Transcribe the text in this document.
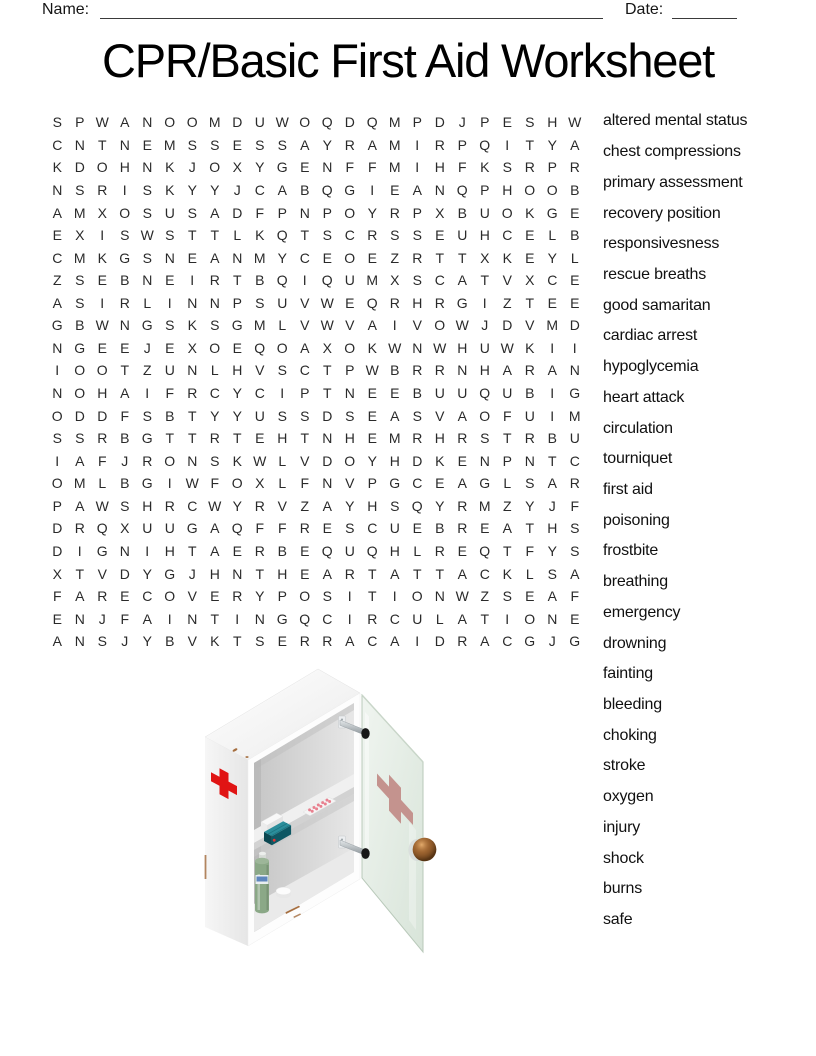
Name:	Date:
CPR/Basic First Aid Worksheet
S P W A N O O M D U W O Q D Q M P D J	P E S H W
C N T N E M S S E S S A Y R A M	I	R P Q	I	T Y A
K D O H N K	J O X Y G E N F F M	I	H F K S R P R
N S R	I	S K Y Y	J C A B Q G	I	E A N Q P H O O B
A M X O S U S A D F P N P O Y R P X B U O K G E
E X	I	S W S T T	L K Q T S C R S S E U H C E L B
C M K G S N E A N M Y C E O E Z R T T X K E Y L
Z S E B N E	I	R T B Q	I	Q U M X S C A T V X C E
A S	I	R L	I	N N P S U V W E Q R H R G	I	Z T E E
G B W N G S K S G M L V W V A	I	V O W J D V M D
N G E E	J	E X O E Q O A X O K W N W H U W K	I	I
I	O O T Z U N L H V S C T P W B R R N H A R A N
N O H A	I	F R C Y C	I	P T N E E B U U Q U B	I	G
O D D F S B T Y Y U S S D S E A S V A O F U	I	M
S S R B G T T R T E H T N H E M R H R S T R B U
I	A F	J R O N S K W L V D O Y H D K E N P N T C
O M L B G	I W F O X L	F N V P G C E A G L S A R
P A W S H R C W Y R V Z A Y H S Q Y R M Z Y	J	F
D R Q X U U G A Q F F R E S C U E B R E A T H S
D	I	G N	I	H T A E R B E Q U Q H L R E Q T F Y S
X T V D Y G J H N T H E A R T A T T A C K L S A
F A R E C O V E R Y P O S	I	T	I	O N W Z S E A F
E N J	F A	I	N T	I	N G Q C	I	R C U L A T	I	O N E
A N S	J	Y B V K T S E R R A C A	I	D R A C G J G
altered mental status
chest compressions
primary assessment
recovery position
responsivesness
rescue breaths
good samaritan
cardiac arrest
hypoglycemia
heart attack
circulation
tourniquet
first aid
poisoning
frostbite
breathing
emergency
drowning
fainting
bleeding
choking
stroke
oxygen
injury
shock
burns
safe
